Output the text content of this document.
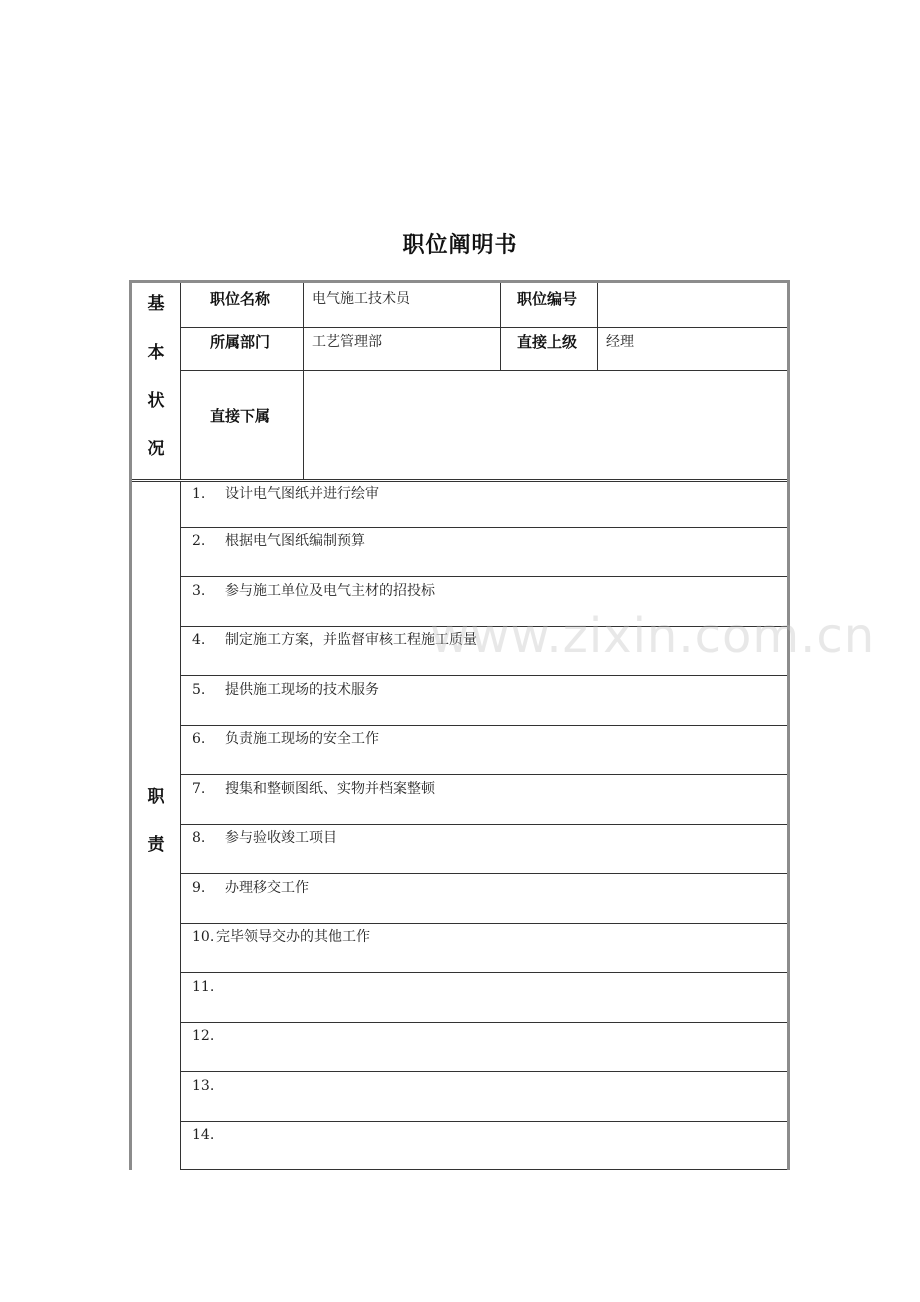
职位阐明书
基
本
状
况
职位名称	电气施工技术员	职位编号
所属部门	工艺管理部	直接上级 经理
直接下属
职
责
1. 设计电气图纸并进行绘审
2. 根据电气图纸编制预算
3. 参与施工单位及电气主材的招投标
4. 制定施工方案，并监督审核工程施工质量
5. 提供施工现场的技术服务
6. 负责施工现场的安全工作
7. 搜集和整顿图纸、实物并档案整顿
8. 参与验收竣工项目
9. 办理移交工作
10. 完毕领导交办的其他工作
11.
12.
13.
14.
www.zixin.com.cn
